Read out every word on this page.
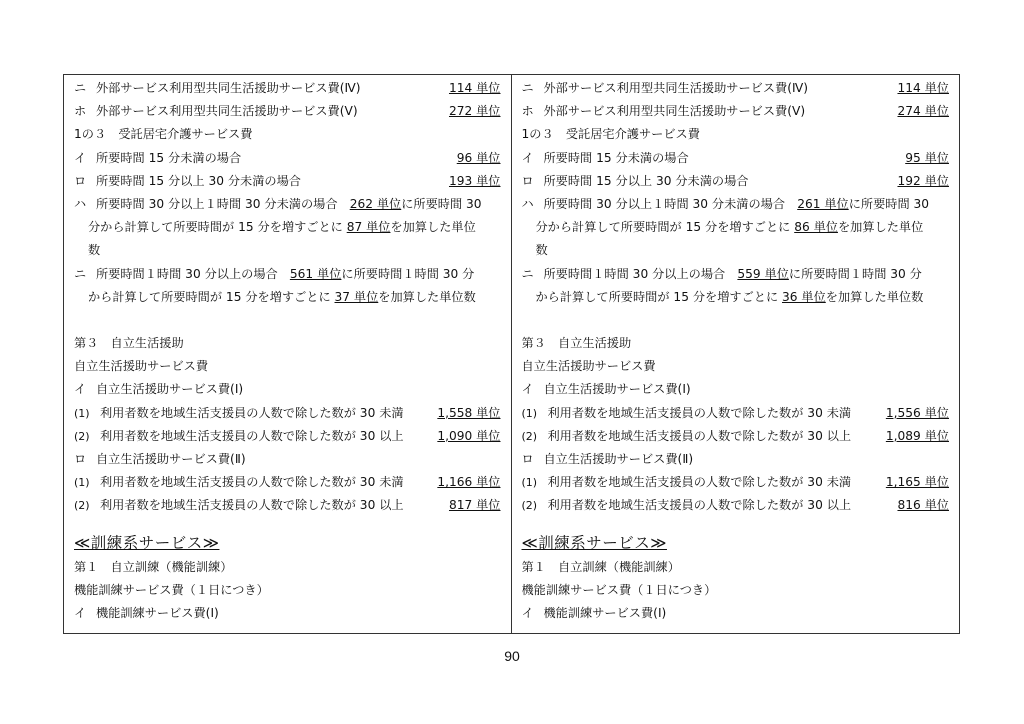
ニ 外部サービス利用型共同生活援助サービス費(Ⅳ)	114 単位
ホ 外部サービス利用型共同生活援助サービス費(Ⅴ)	272 単位
1の３　受託居宅介護サービス費
イ 所要時間 15 分未満の場合	96 単位
ロ 所要時間 15 分以上 30 分未満の場合	193 単位
ハ 所要時間 30 分以上１時間 30 分未満の場合　262 単位に所要時間 30
分から計算して所要時間が 15 分を増すごとに 87 単位を加算した単位
数
ニ 所要時間１時間 30 分以上の場合　561 単位に所要時間１時間 30 分
から計算して所要時間が 15 分を増すごとに 37 単位を加算した単位数
第３　自立生活援助
自立生活援助サービス費
イ 自立生活援助サービス費(Ⅰ)
(1) 利用者数を地域生活支援員の人数で除した数が 30 未満	1,558 単位
(2) 利用者数を地域生活支援員の人数で除した数が 30 以上	1,090 単位
ロ 自立生活援助サービス費(Ⅱ)
(1) 利用者数を地域生活支援員の人数で除した数が 30 未満	1,166 単位
(2) 利用者数を地域生活支援員の人数で除した数が 30 以上	817 単位
≪訓練系サービス≫
第１　自立訓練（機能訓練）
機能訓練サービス費（１日につき）
イ 機能訓練サービス費(Ⅰ)
ニ 外部サービス利用型共同生活援助サービス費(Ⅳ)	114 単位
ホ 外部サービス利用型共同生活援助サービス費(Ⅴ)	274 単位
1の３　受託居宅介護サービス費
イ 所要時間 15 分未満の場合	95 単位
ロ 所要時間 15 分以上 30 分未満の場合	192 単位
ハ 所要時間 30 分以上１時間 30 分未満の場合　261 単位に所要時間 30
分から計算して所要時間が 15 分を増すごとに 86 単位を加算した単位
数
ニ 所要時間１時間 30 分以上の場合　559 単位に所要時間１時間 30 分
から計算して所要時間が 15 分を増すごとに 36 単位を加算した単位数
第３　自立生活援助
自立生活援助サービス費
イ 自立生活援助サービス費(Ⅰ)
(1) 利用者数を地域生活支援員の人数で除した数が 30 未満	1,556 単位
(2) 利用者数を地域生活支援員の人数で除した数が 30 以上	1,089 単位
ロ 自立生活援助サービス費(Ⅱ)
(1) 利用者数を地域生活支援員の人数で除した数が 30 未満	1,165 単位
(2) 利用者数を地域生活支援員の人数で除した数が 30 以上	816 単位
≪訓練系サービス≫
第１　自立訓練（機能訓練）
機能訓練サービス費（１日につき）
イ 機能訓練サービス費(Ⅰ)
90
